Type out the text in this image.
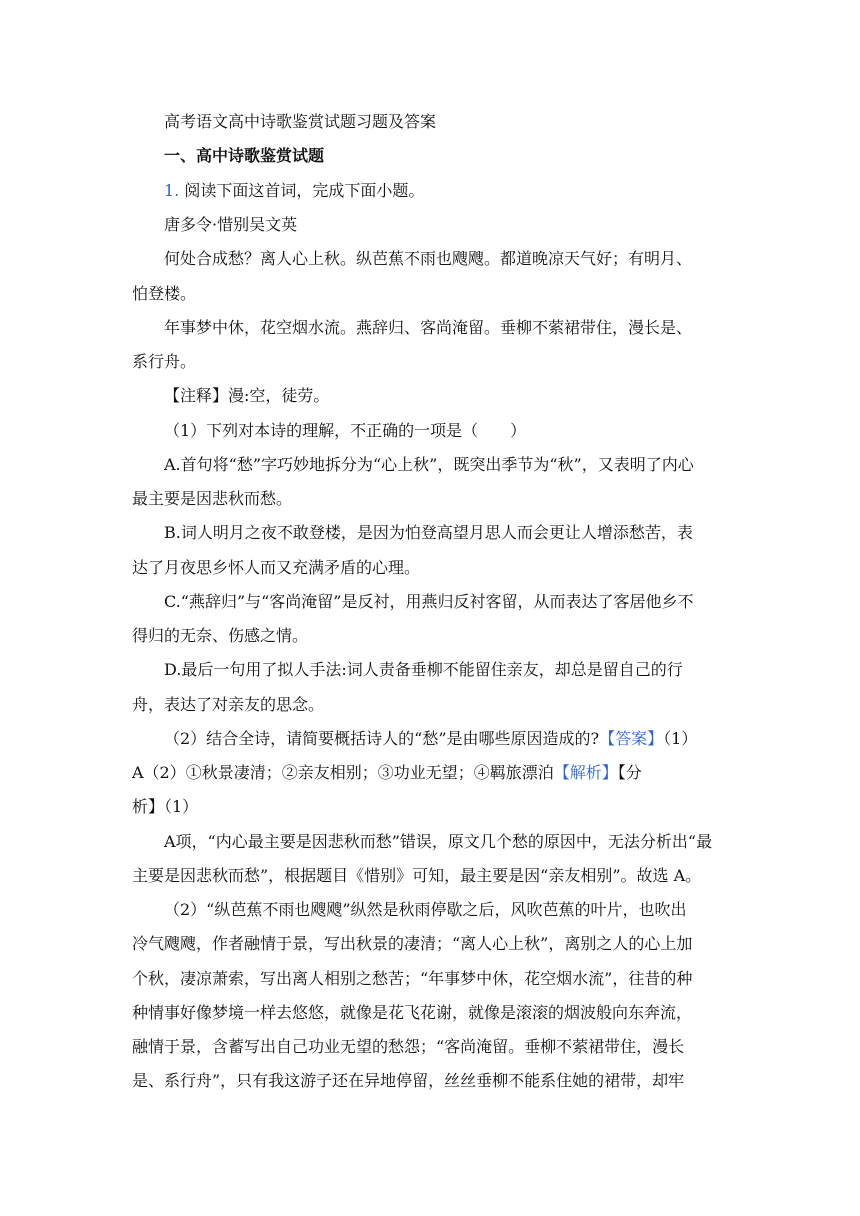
高考语文高中诗歌鉴赏试题习题及答案
一、高中诗歌鉴赏试题
1. 阅读下面这首词，完成下面小题。
唐多令·惜别吴文英
何处合成愁？离人心上秋。纵芭蕉不雨也飕飕。都道晚凉天气好；有明月、
怕登楼。
年事梦中休，花空烟水流。燕辞归、客尚淹留。垂柳不萦裙带住，漫长是、
系行舟。
【注释】漫:空，徒劳。
（1）下列对本诗的理解，不正确的一项是（　　）
A.首句将“愁”字巧妙地拆分为“心上秋”，既突出季节为“秋”，又表明了内心
最主要是因悲秋而愁。
B.词人明月之夜不敢登楼，是因为怕登高望月思人而会更让人增添愁苦，表
达了月夜思乡怀人而又充满矛盾的心理。
C.“燕辞归”与“客尚淹留”是反衬，用燕归反衬客留，从而表达了客居他乡不
得归的无奈、伤感之情。
D.最后一句用了拟人手法:词人责备垂柳不能留住亲友，却总是留自己的行
舟，表达了对亲友的思念。
（2）结合全诗，请简要概括诗人的“愁”是由哪些原因造成的?【答案】（1）
A（2）①秋景凄清；②亲友相别；③功业无望；④羁旅漂泊【解析】【分
析】（1）
A项，“内心最主要是因悲秋而愁”错误，原文几个愁的原因中，无法分析出“最
主要是因悲秋而愁”，根据题目《惜别》可知，最主要是因“亲友相别”。故选 A。
（2）“纵芭蕉不雨也飕飕”纵然是秋雨停歇之后，风吹芭蕉的叶片，也吹出
冷气飕飕，作者融情于景，写出秋景的凄清；“离人心上秋”，离别之人的心上加
个秋，凄凉萧索，写出离人相别之愁苦；“年事梦中休，花空烟水流”，往昔的种
种情事好像梦境一样去悠悠，就像是花飞花谢，就像是滚滚的烟波般向东奔流，
融情于景，含蓄写出自己功业无望的愁怨；“客尚淹留。垂柳不萦裙带住，漫长
是、系行舟”，只有我这游子还在异地停留，丝丝垂柳不能系住她的裙带，却牢
